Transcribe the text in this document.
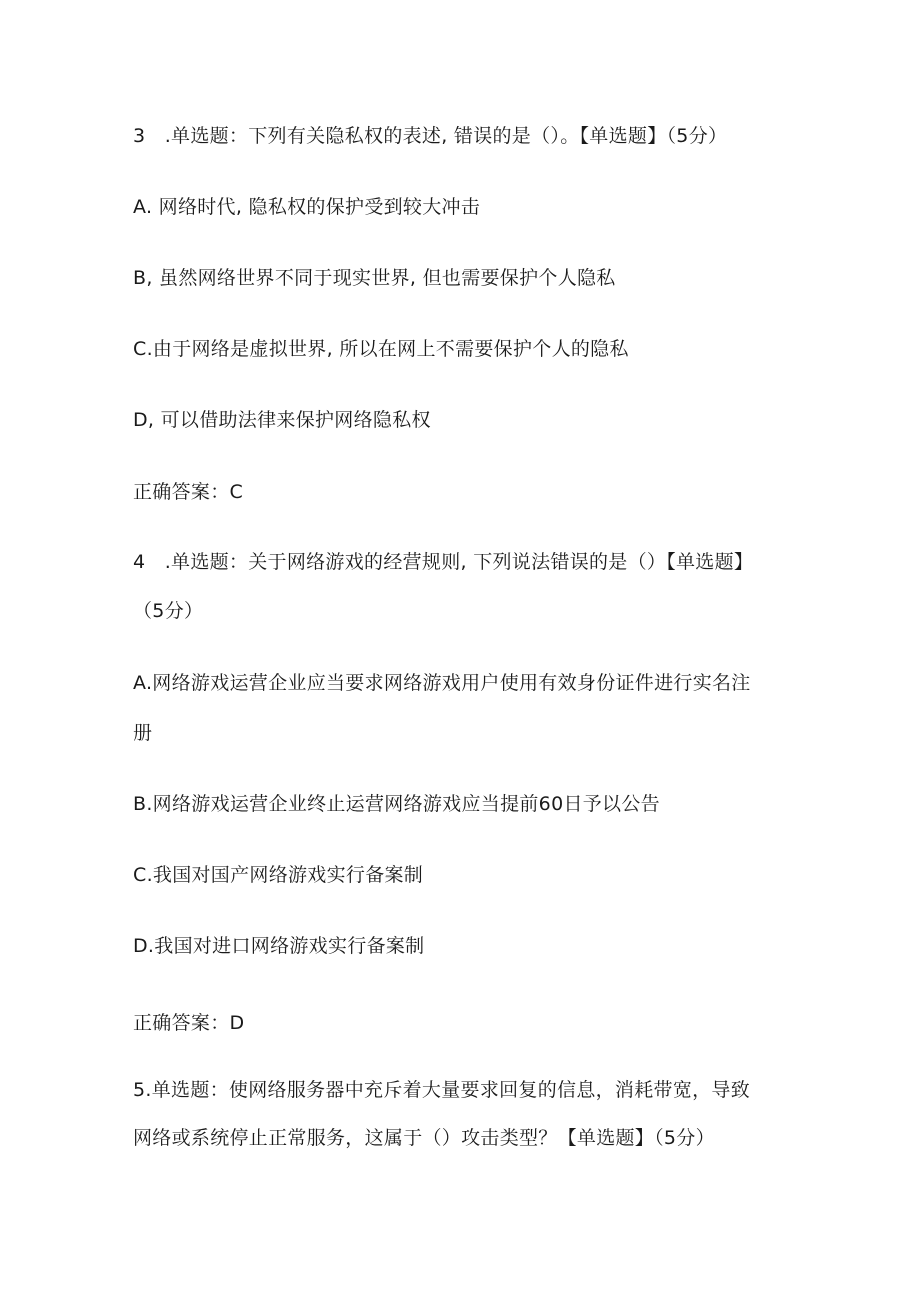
3　.单选题：下列有关隐私权的表述, 错误的是（）。【单选题】（5分）
A. 网络时代, 隐私权的保护受到较大冲击
B, 虽然网络世界不同于现实世界, 但也需要保护个人隐私
C.由于网络是虚拟世界, 所以在网上不需要保护个人的隐私
D, 可以借助法律来保护网络隐私权
正确答案：C
4　.单选题：关于网络游戏的经营规则, 下列说法错误的是（）【单选题】
（5分）
A.网络游戏运营企业应当要求网络游戏用户使用有效身份证件进行实名注
册
B.网络游戏运营企业终止运营网络游戏应当提前60日予以公告
C.我国对国产网络游戏实行备案制
D.我国对进口网络游戏实行备案制
正确答案：D
5.单选题：使网络服务器中充斥着大量要求回复的信息，消耗带宽，导致
网络或系统停止正常服务，这属于（）攻击类型？【单选题】（5分）
